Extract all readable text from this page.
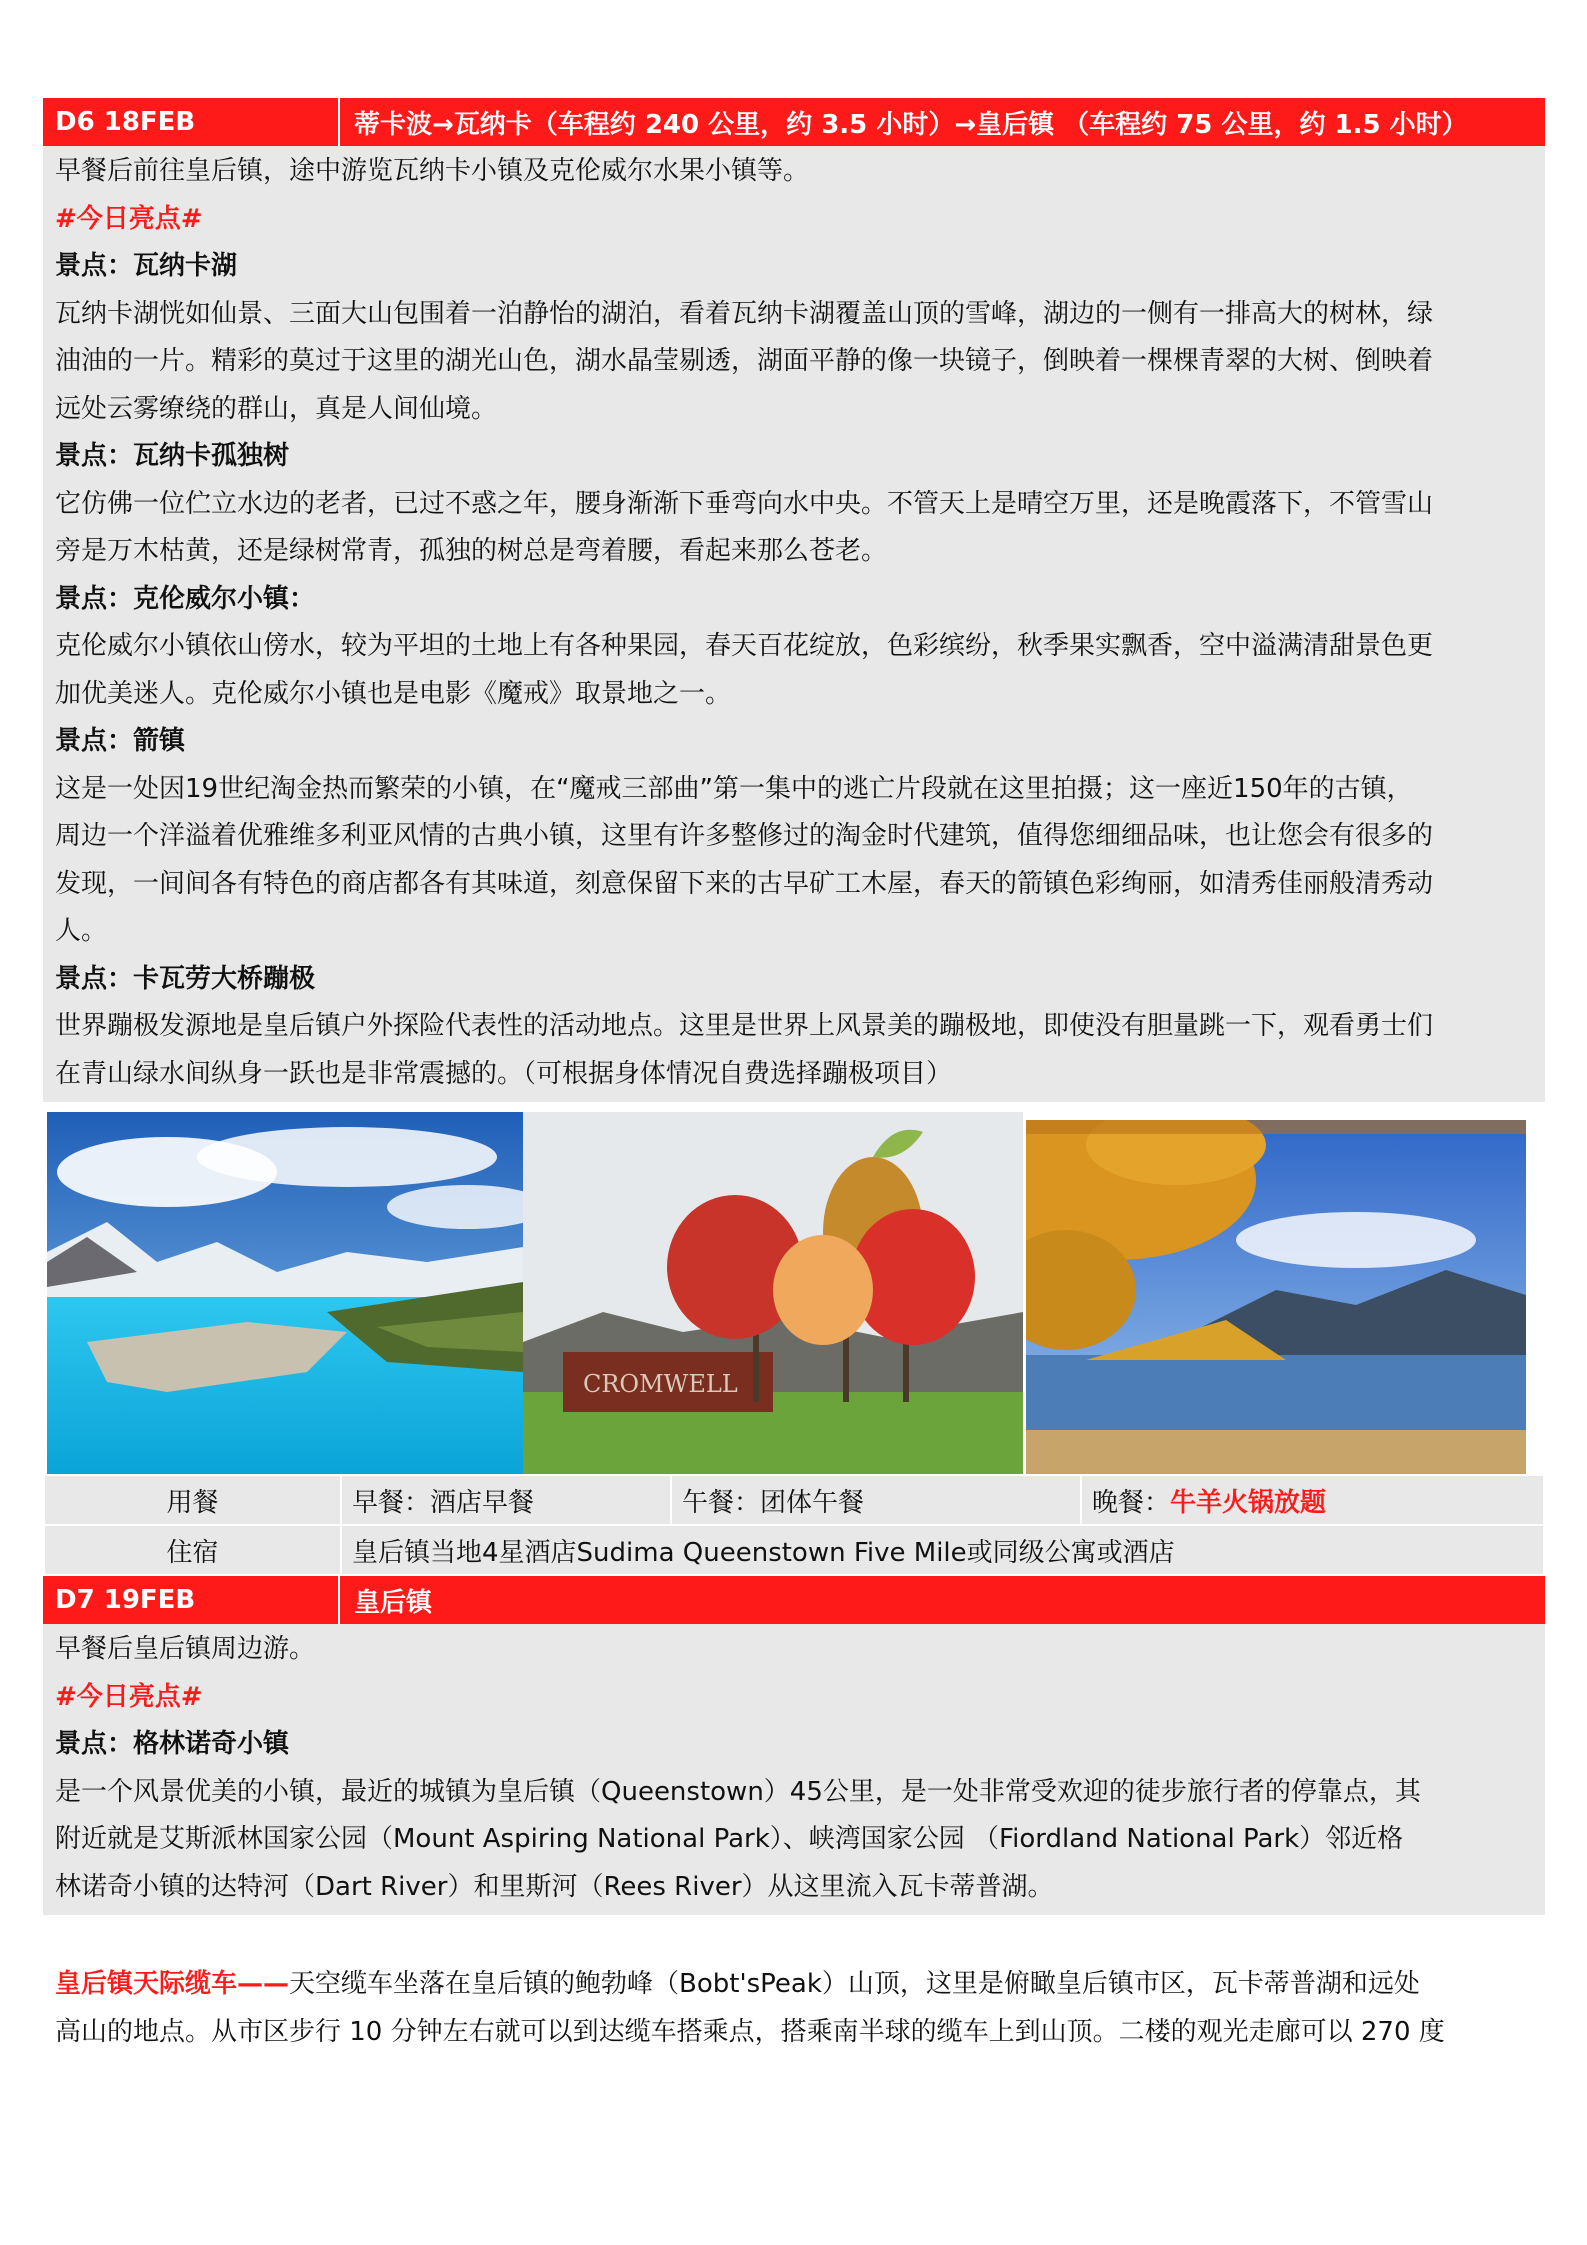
D6 18FEB	蒂卡波→瓦纳卡（车程约 240 公里，约 3.5 小时）→皇后镇 （车程约 75 公里，约 1.5 小时）
早餐后前往皇后镇，途中游览瓦纳卡小镇及克伦威尔水果小镇等。
#今日亮点#
景点：瓦纳卡湖
瓦纳卡湖恍如仙景、三面大山包围着一泊静怡的湖泊，看着瓦纳卡湖覆盖山顶的雪峰，湖边的一侧有一排高大的树林，绿
油油的一片。精彩的莫过于这里的湖光山色，湖水晶莹剔透，湖面平静的像一块镜子，倒映着一棵棵青翠的大树、倒映着
远处云雾缭绕的群山，真是人间仙境。
景点：瓦纳卡孤独树
它仿佛一位伫立水边的老者，已过不惑之年，腰身渐渐下垂弯向水中央。不管天上是晴空万里，还是晚霞落下，不管雪山
旁是万木枯黄，还是绿树常青，孤独的树总是弯着腰，看起来那么苍老。
景点：克伦威尔小镇：
克伦威尔小镇依山傍水，较为平坦的土地上有各种果园，春天百花绽放，色彩缤纷，秋季果实飘香，空中溢满清甜景色更
加优美迷人。克伦威尔小镇也是电影《魔戒》取景地之一。
景点：箭镇
这是一处因19世纪淘金热而繁荣的小镇，在“魔戒三部曲”第一集中的逃亡片段就在这里拍摄；这一座近150年的古镇，
周边一个洋溢着优雅维多利亚风情的古典小镇，这里有许多整修过的淘金时代建筑，值得您细细品味，也让您会有很多的
发现，一间间各有特色的商店都各有其味道，刻意保留下来的古早矿工木屋，春天的箭镇色彩绚丽，如清秀佳丽般清秀动
人。
景点：卡瓦劳大桥蹦极
世界蹦极发源地是皇后镇户外探险代表性的活动地点。这里是世界上风景美的蹦极地，即使没有胆量跳一下，观看勇士们
在青山绿水间纵身一跃也是非常震撼的。（可根据身体情况自费选择蹦极项目）
CROMWELL
用餐	早餐：酒店早餐	午餐：团体午餐	晚餐：牛羊火锅放题
住宿	皇后镇当地4星酒店Sudima Queenstown Five Mile或同级公寓或酒店		
D7 19FEB	皇后镇
早餐后皇后镇周边游。
#今日亮点#
景点：格林诺奇小镇
是一个风景优美的小镇，最近的城镇为皇后镇（Queenstown）45公里，是一处非常受欢迎的徒步旅行者的停靠点，其
附近就是艾斯派林国家公园（Mount Aspiring National Park）、峡湾国家公园 （Fiordland National Park）邻近格
林诺奇小镇的达特河（Dart River）和里斯河（Rees River）从这里流入瓦卡蒂普湖。
皇后镇天际缆车——天空缆车坐落在皇后镇的鲍勃峰（Bobt'sPeak）山顶，这里是俯瞰皇后镇市区，瓦卡蒂普湖和远处
高山的地点。从市区步行 10 分钟左右就可以到达缆车搭乘点，搭乘南半球的缆车上到山顶。二楼的观光走廊可以 270 度
